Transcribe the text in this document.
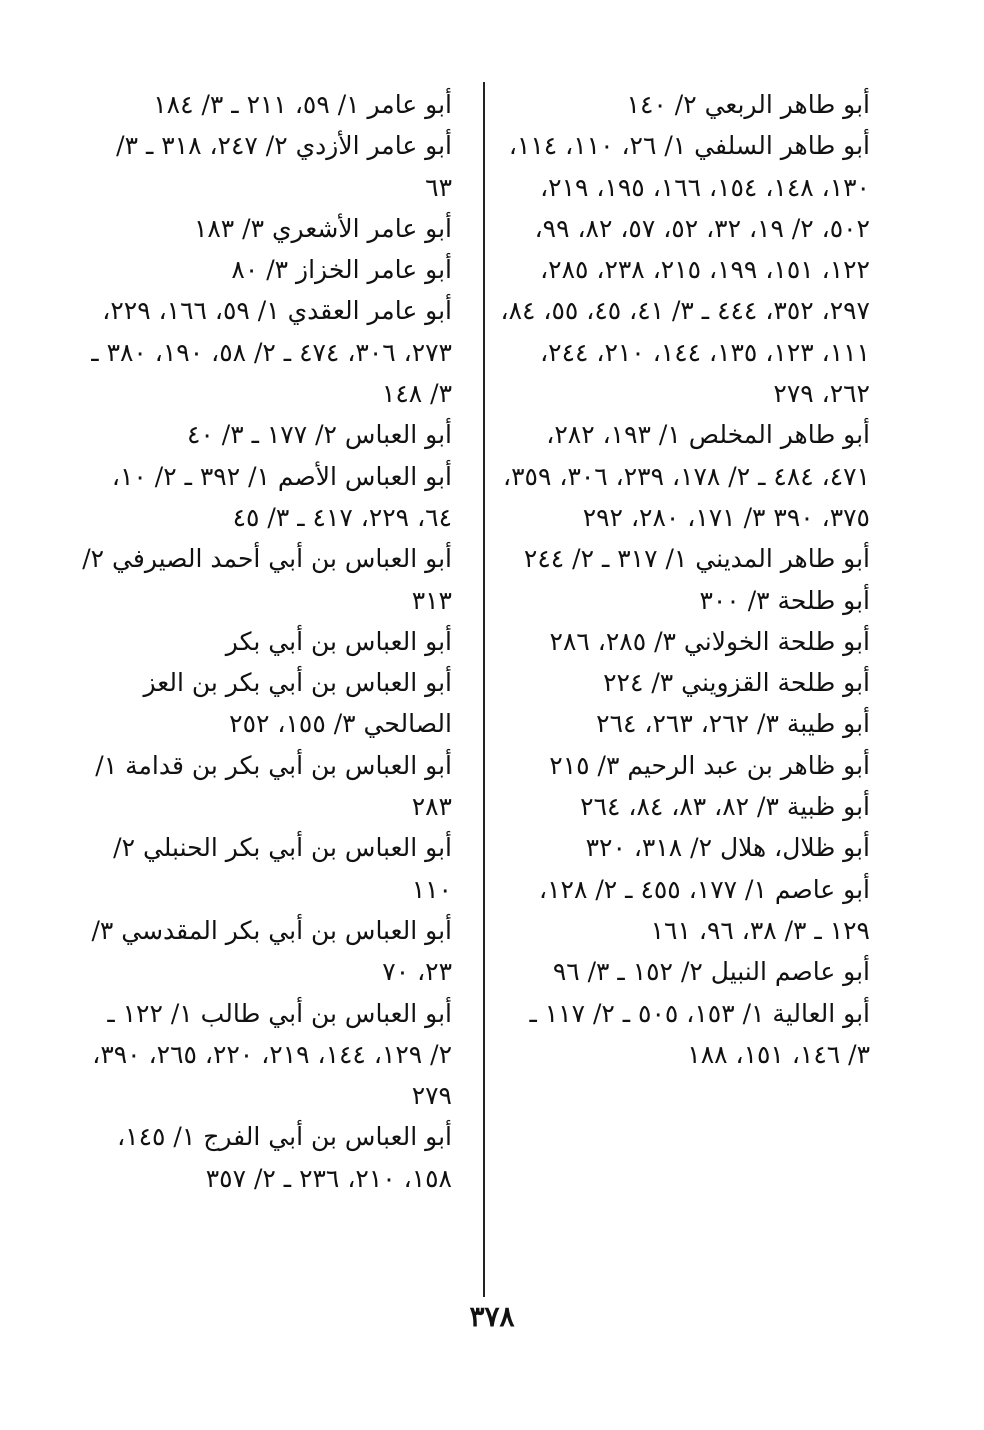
أبو طاهر الربعي ٢/ ١٤٠

أبو طاهر السلفي ١/ ٢٦، ١١٠، ١١٤، ١٣٠، ١٤٨، ١٥٤، ١٦٦، ١٩٥، ٢١٩، ٥٠٢، ٢/ ١٩، ٣٢، ٥٢، ٥٧، ٨٢، ٩٩، ١٢٢، ١٥١، ١٩٩، ٢١٥، ٢٣٨، ٢٨٥، ٢٩٧، ٣٥٢، ٤٤٤ ـ ٣/ ٤١، ٤٥، ٥٥، ٨٤، ١١١، ١٢٣، ١٣٥، ١٤٤، ٢١٠، ٢٤٤، ٢٦٢، ٢٧٩

أبو طاهر المخلص ١/ ١٩٣، ٢٨٢، ٤٧١، ٤٨٤ ـ ٢/ ١٧٨، ٢٣٩، ٣٠٦، ٣٥٩، ٣٧٥، ٣٩٠ ٣/ ١٧١، ٢٨٠، ٢٩٢

أبو طاهر المديني ١/ ٣١٧ ـ ٢/ ٢٤٤

أبو طلحة ٣/ ٣٠٠

أبو طلحة الخولاني ٣/ ٢٨٥، ٢٨٦

أبو طلحة القزويني ٣/ ٢٢٤

أبو طيبة ٣/ ٢٦٢، ٢٦٣، ٢٦٤

أبو ظاهر بن عبد الرحيم ٣/ ٢١٥

أبو ظبية ٣/ ٨٢، ٨٣، ٨٤، ٢٦٤

أبو ظلال، هلال ٢/ ٣١٨، ٣٢٠

أبو عاصم ١/ ١٧٧، ٤٥٥ ـ ٢/ ١٢٨، ١٢٩ ـ ٣/ ٣٨، ٩٦، ١٦١

أبو عاصم النبيل ٢/ ١٥٢ ـ ٣/ ٩٦

أبو العالية ١/ ١٥٣، ٥٠٥ ـ ٢/ ١١٧ ـ ٣/ ١٤٦، ١٥١، ١٨٨

أبو عامر ١/ ٥٩، ٢١١ ـ ٣/ ١٨٤

أبو عامر الأزدي ٢/ ٢٤٧، ٣١٨ ـ ٣/ ٦٣

أبو عامر الأشعري ٣/ ١٨٣

أبو عامر الخزاز ٣/ ٨٠

أبو عامر العقدي ١/ ٥٩، ١٦٦، ٢٢٩، ٢٧٣، ٣٠٦، ٤٧٤ ـ ٢/ ٥٨، ١٩٠، ٣٨٠ ـ ٣/ ١٤٨

أبو العباس ٢/ ١٧٧ ـ ٣/ ٤٠

أبو العباس الأصم ١/ ٣٩٢ ـ ٢/ ١٠، ٦٤، ٢٢٩، ٤١٧ ـ ٣/ ٤٥

أبو العباس بن أبي أحمد الصيرفي ٢/ ٣١٣

أبو العباس بن أبي بكر

أبو العباس بن أبي بكر بن العز الصالحي ٣/ ١٥٥، ٢٥٢

أبو العباس بن أبي بكر بن قدامة ١/ ٢٨٣

أبو العباس بن أبي بكر الحنبلي ٢/ ١١٠

أبو العباس بن أبي بكر المقدسي ٣/ ٢٣، ٧٠

أبو العباس بن أبي طالب ١/ ١٢٢ ـ ٢/ ١٢٩، ١٤٤، ٢١٩، ٢٢٠، ٢٦٥، ٣٩٠، ٢٧٩

أبو العباس بن أبي الفرج ١/ ١٤٥، ١٥٨، ٢١٠، ٢٣٦ ـ ٢/ ٣٥٧

٣٧٨
